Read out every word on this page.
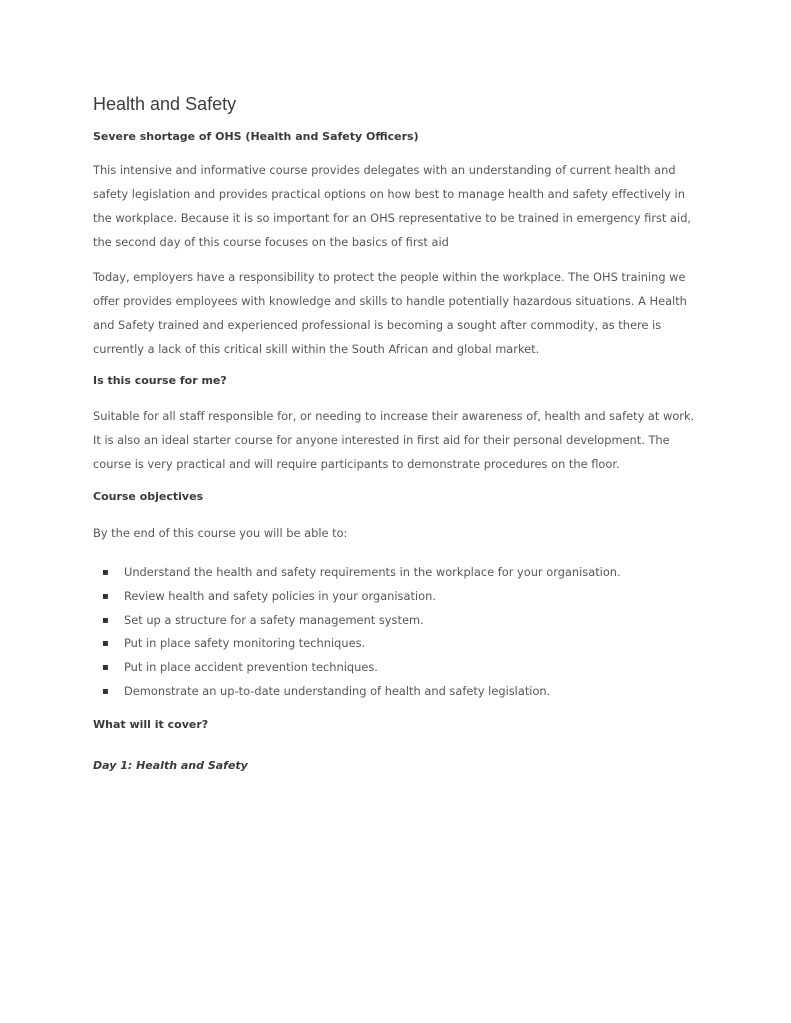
Health and Safety

Severe shortage of OHS (Health and Safety Officers)

This intensive and informative course provides delegates with an understanding of current health and safety legislation and provides practical options on how best to manage health and safety effectively in the workplace. Because it is so important for an OHS representative to be trained in emergency first aid, the second day of this course focuses on the basics of first aid

Today, employers have a responsibility to protect the people within the workplace. The OHS training we offer provides employees with knowledge and skills to handle potentially hazardous situations. A Health and Safety trained and experienced professional is becoming a sought after commodity, as there is currently a lack of this critical skill within the South African and global market.

Is this course for me?

Suitable for all staff responsible for, or needing to increase their awareness of, health and safety at work. It is also an ideal starter course for anyone interested in first aid for their personal development. The course is very practical and will require participants to demonstrate procedures on the floor.

Course objectives

By the end of this course you will be able to:

▪ Understand the health and safety requirements in the workplace for your organisation.
▪ Review health and safety policies in your organisation.
▪ Set up a structure for a safety management system.
▪ Put in place safety monitoring techniques.
▪ Put in place accident prevention techniques.
▪ Demonstrate an up-to-date understanding of health and safety legislation.

What will it cover?

Day 1: Health and Safety
